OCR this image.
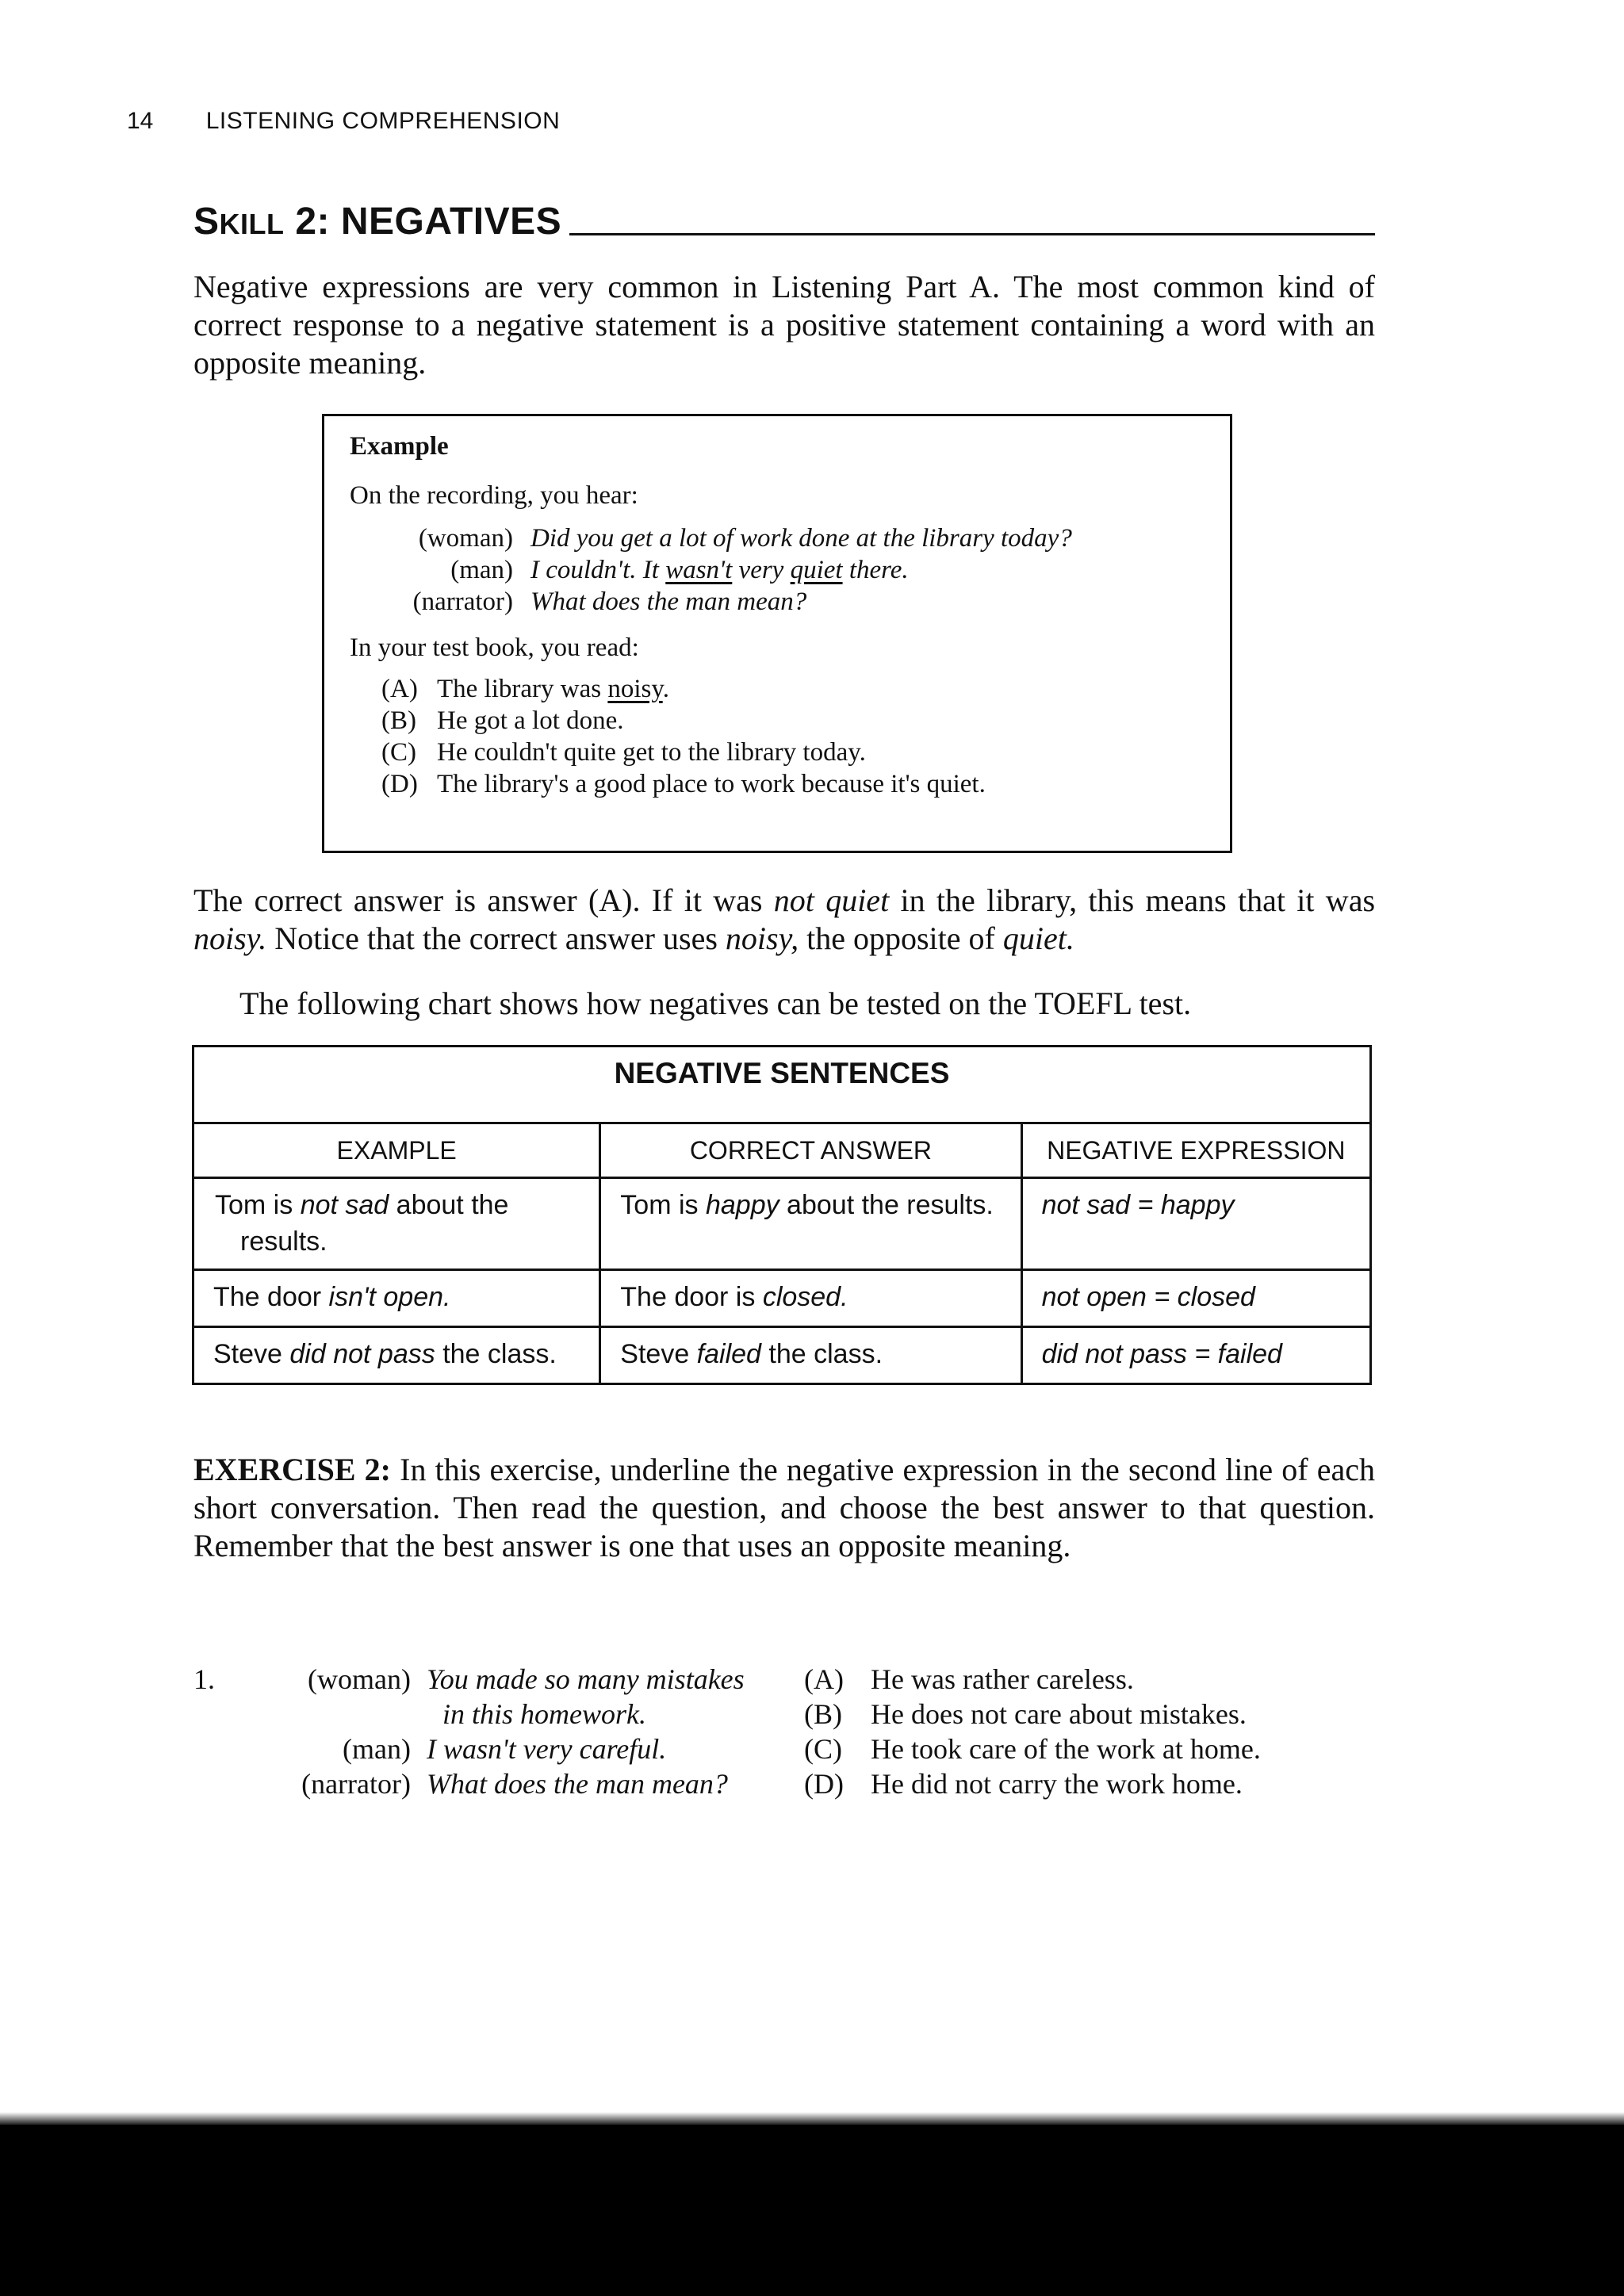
14 LISTENING COMPREHENSION
SKILL 2: NEGATIVES
Negative expressions are very common in Listening Part A. The most common kind of correct response to a negative statement is a positive statement containing a word with an opposite meaning.
Example
On the recording, you hear:
(woman) Did you get a lot of work done at the library today?
(man) I couldn't. It wasn't very quiet there.
(narrator) What does the man mean?
In your test book, you read:
(A) The library was noisy.
(B) He got a lot done.
(C) He couldn't quite get to the library today.
(D) The library's a good place to work because it's quiet.
The correct answer is answer (A). If it was not quiet in the library, this means that it was noisy. Notice that the correct answer uses noisy, the opposite of quiet.
The following chart shows how negatives can be tested on the TOEFL test.
NEGATIVE SENTENCES		
EXAMPLE	CORRECT ANSWER	NEGATIVE EXPRESSION
Tom is not sad about the results.	Tom is happy about the results.	not sad = happy
The door isn't open.	The door is closed.	not open = closed
Steve did not pass the class.	Steve failed the class.	did not pass = failed
EXERCISE 2: In this exercise, underline the negative expression in the second line of each short conversation. Then read the question, and choose the best answer to that question. Remember that the best answer is one that uses an opposite meaning.
1.	(woman) You made so many mistakes
in this homework.
(man) I wasn't very careful.
(narrator) What does the man mean?
(A) He was rather careless.
(B)	He does not care about mistakes.
(C)	He took care of the work at home.
(D) He did not carry the work home.
